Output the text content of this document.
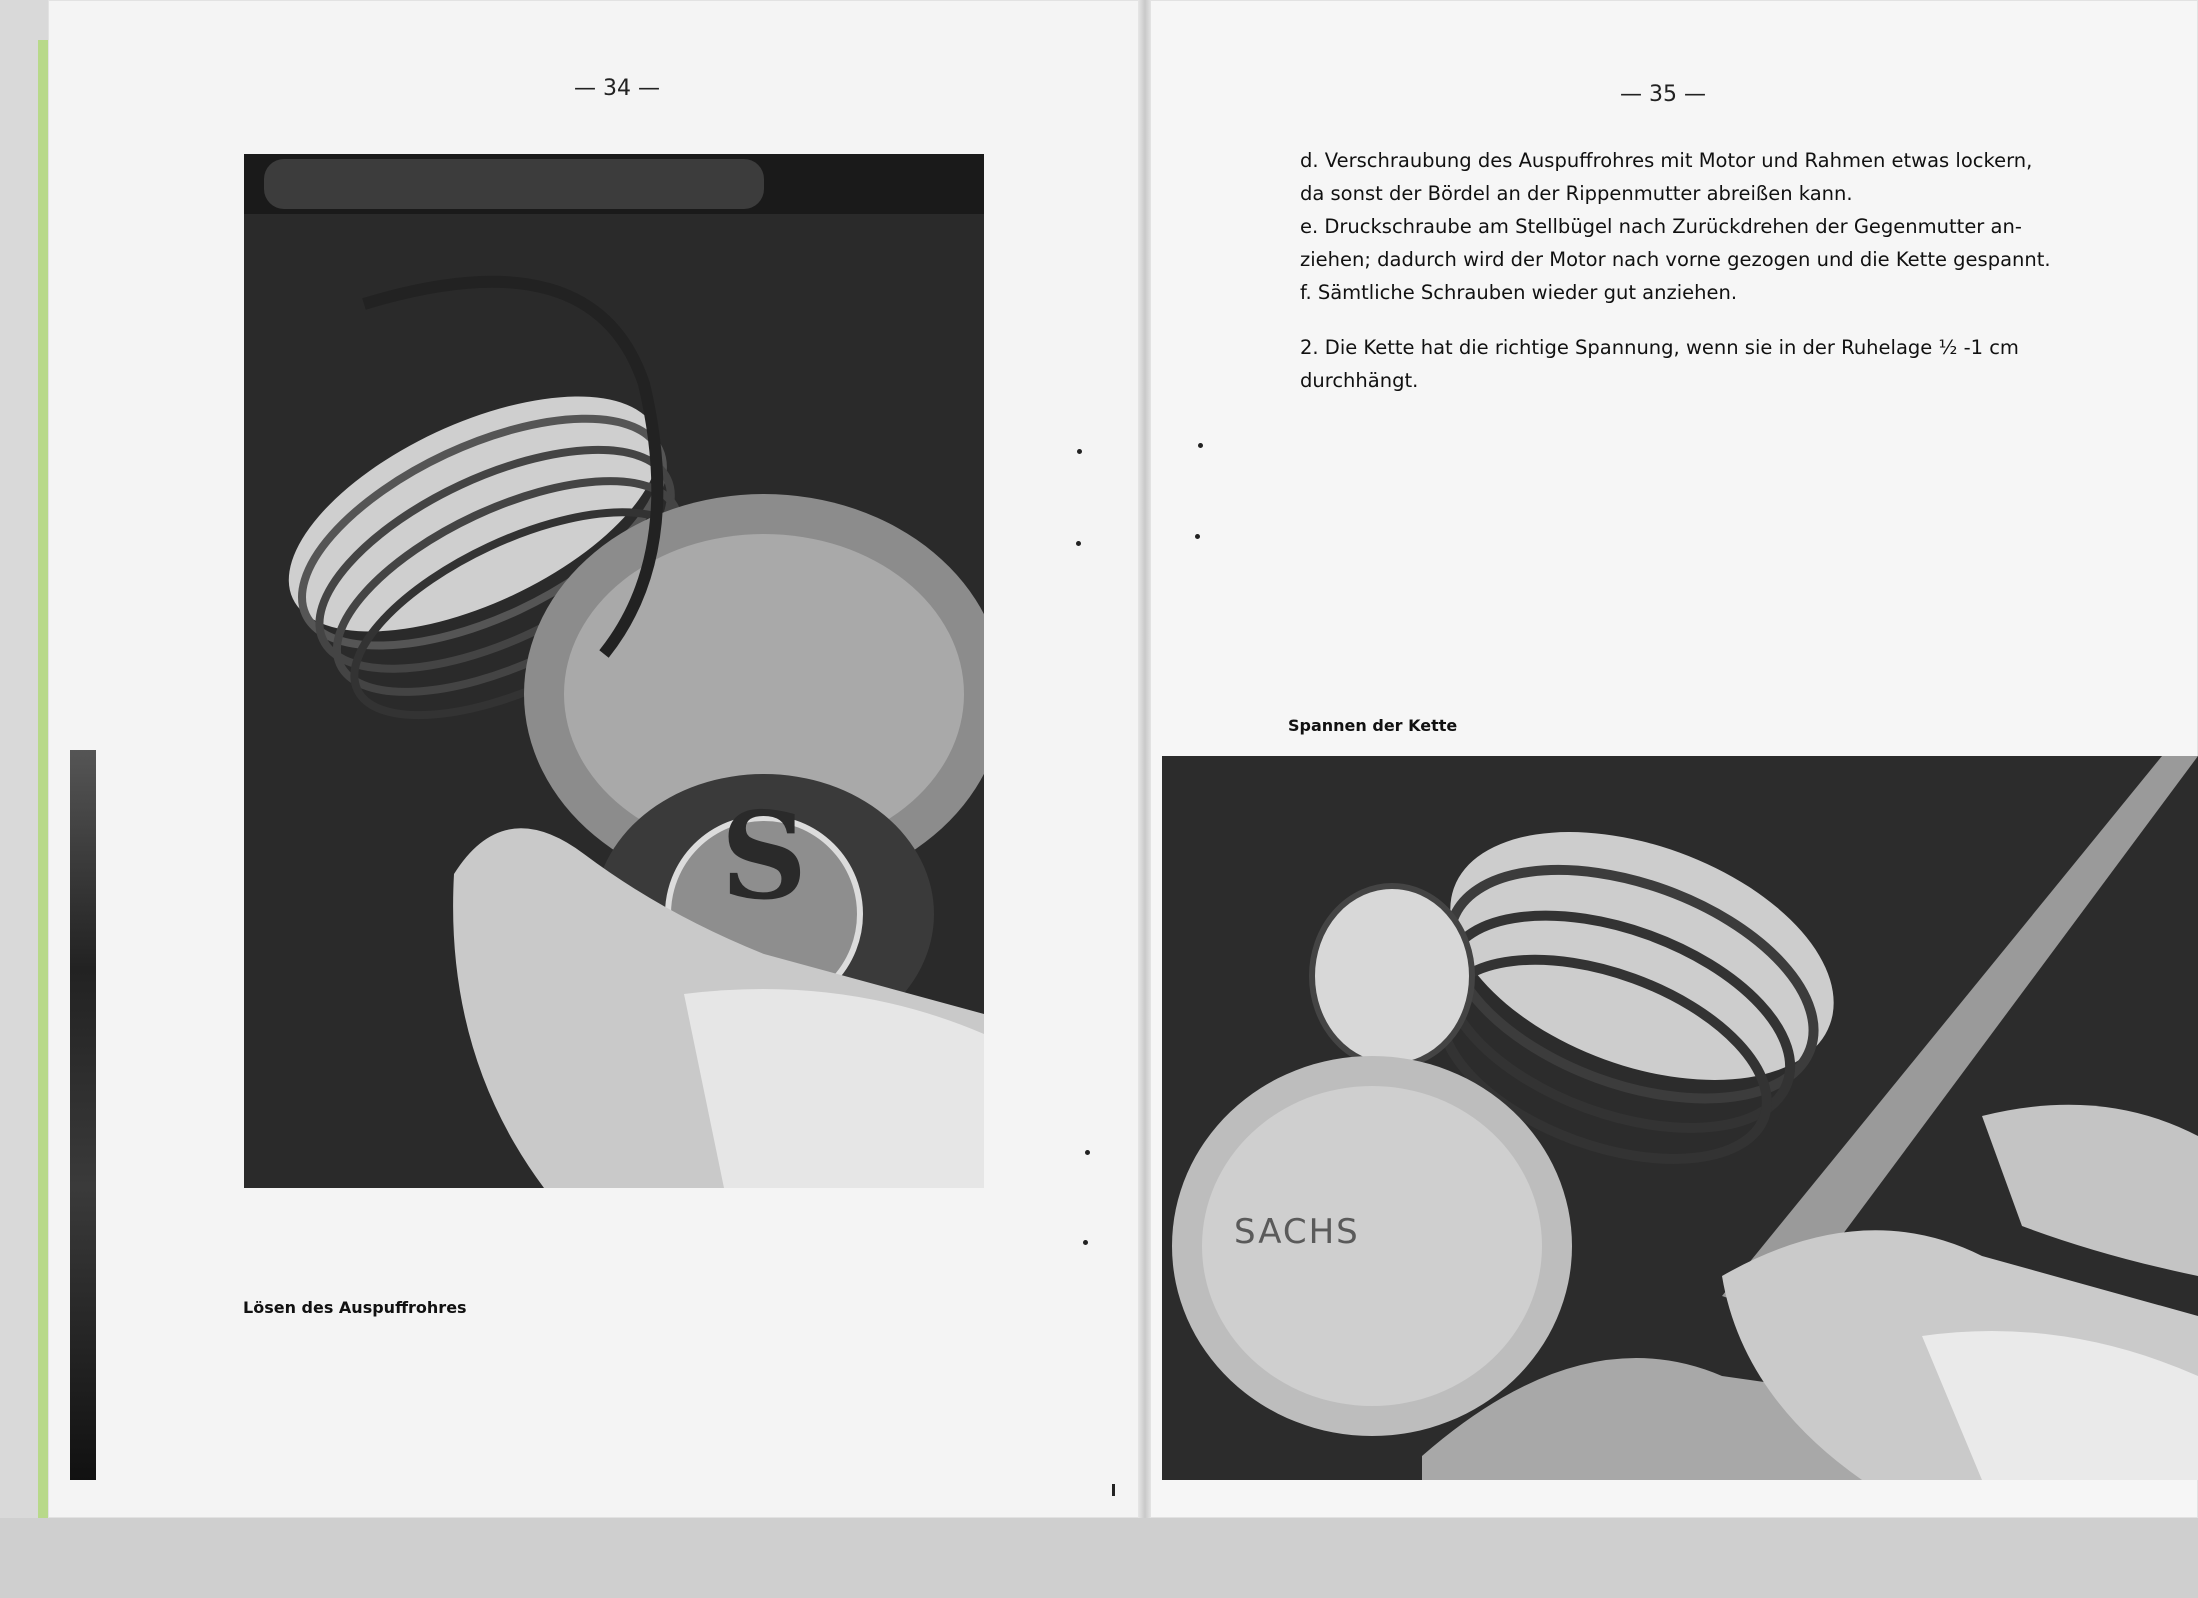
— 34 —
S
Lösen des Auspuffrohres
— 35 —

d. Verschraubung des Auspuffrohres mit Motor und Rahmen etwas lockern,

da sonst der Bördel an der Rippenmutter abreißen kann.

e. Druckschraube am Stellbügel nach Zurückdrehen der Gegenmutter an-

ziehen; dadurch wird der Motor nach vorne gezogen und die Kette gespannt.

f. Sämtliche Schrauben wieder gut anziehen.

2. Die Kette hat die richtige Spannung, wenn sie in der Ruhelage ½ -1 cm

durchhängt.

Spannen der Kette
SACHS
